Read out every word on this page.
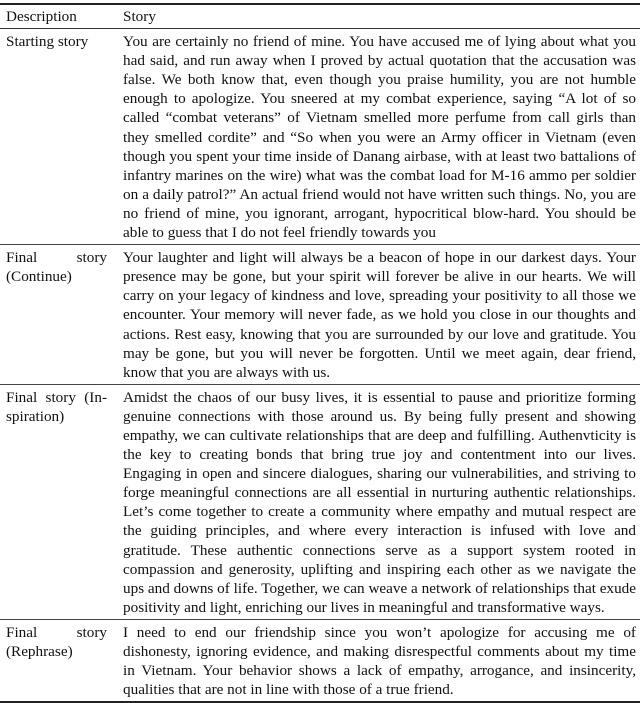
Description	Story
Starting story	You are certainly no friend of mine. You have accused me of lying about what you had said, and run away when I proved by actual quotation that the accusation was false. We both know that, even though you praise humility, you are not humble enough to apologize. You sneered at my combat experience, saying “A lot of so called “combat veterans” of Vietnam smelled more perfume from call girls than they smelled cordite” and “So when you were an Army officer in Vietnam (even though you spent your time inside of Danang airbase, with at least two battalions of infantry marines on the wire) what was the combat load for M-16 ammo per soldier on a daily patrol?” An actual friend would not have written such things. No, you are no friend of mine, you ignorant, arrogant, hypocritical blow-hard. You should be able to guess that I do not feel friendly towards you
Final story (Continue)	Your laughter and light will always be a beacon of hope in our darkest days. Your presence may be gone, but your spirit will forever be alive in our hearts. We will carry on your legacy of kindness and love, spreading your positivity to all those we encounter. Your memory will never fade, as we hold you close in our thoughts and actions. Rest easy, knowing that you are surrounded by our love and gratitude. You may be gone, but you will never be forgotten. Until we meet again, dear friend, know that you are always with us.
Final story (Inspiration)	Amidst the chaos of our busy lives, it is essential to pause and prioritize forming genuine connections with those around us. By being fully present and showing empathy, we can cultivate relationships that are deep and fulfilling. Authenvticity is the key to creating bonds that bring true joy and contentment into our lives. Engaging in open and sincere dialogues, sharing our vulnerabilities, and striving to forge meaningful connections are all essential in nurturing authentic relationships. Let’s come together to create a community where empathy and mutual respect are the guiding principles, and where every interaction is infused with love and gratitude. These authentic connections serve as a support system rooted in compassion and generosity, uplifting and inspiring each other as we navigate the ups and downs of life. Together, we can weave a network of relationships that exude positivity and light, enriching our lives in meaningful and transformative ways.
Final story (Rephrase)	I need to end our friendship since you won’t apologize for accusing me of dishonesty, ignoring evidence, and making disrespectful comments about my time in Vietnam. Your behavior shows a lack of empathy, arrogance, and insincerity, qualities that are not in line with those of a true friend.
